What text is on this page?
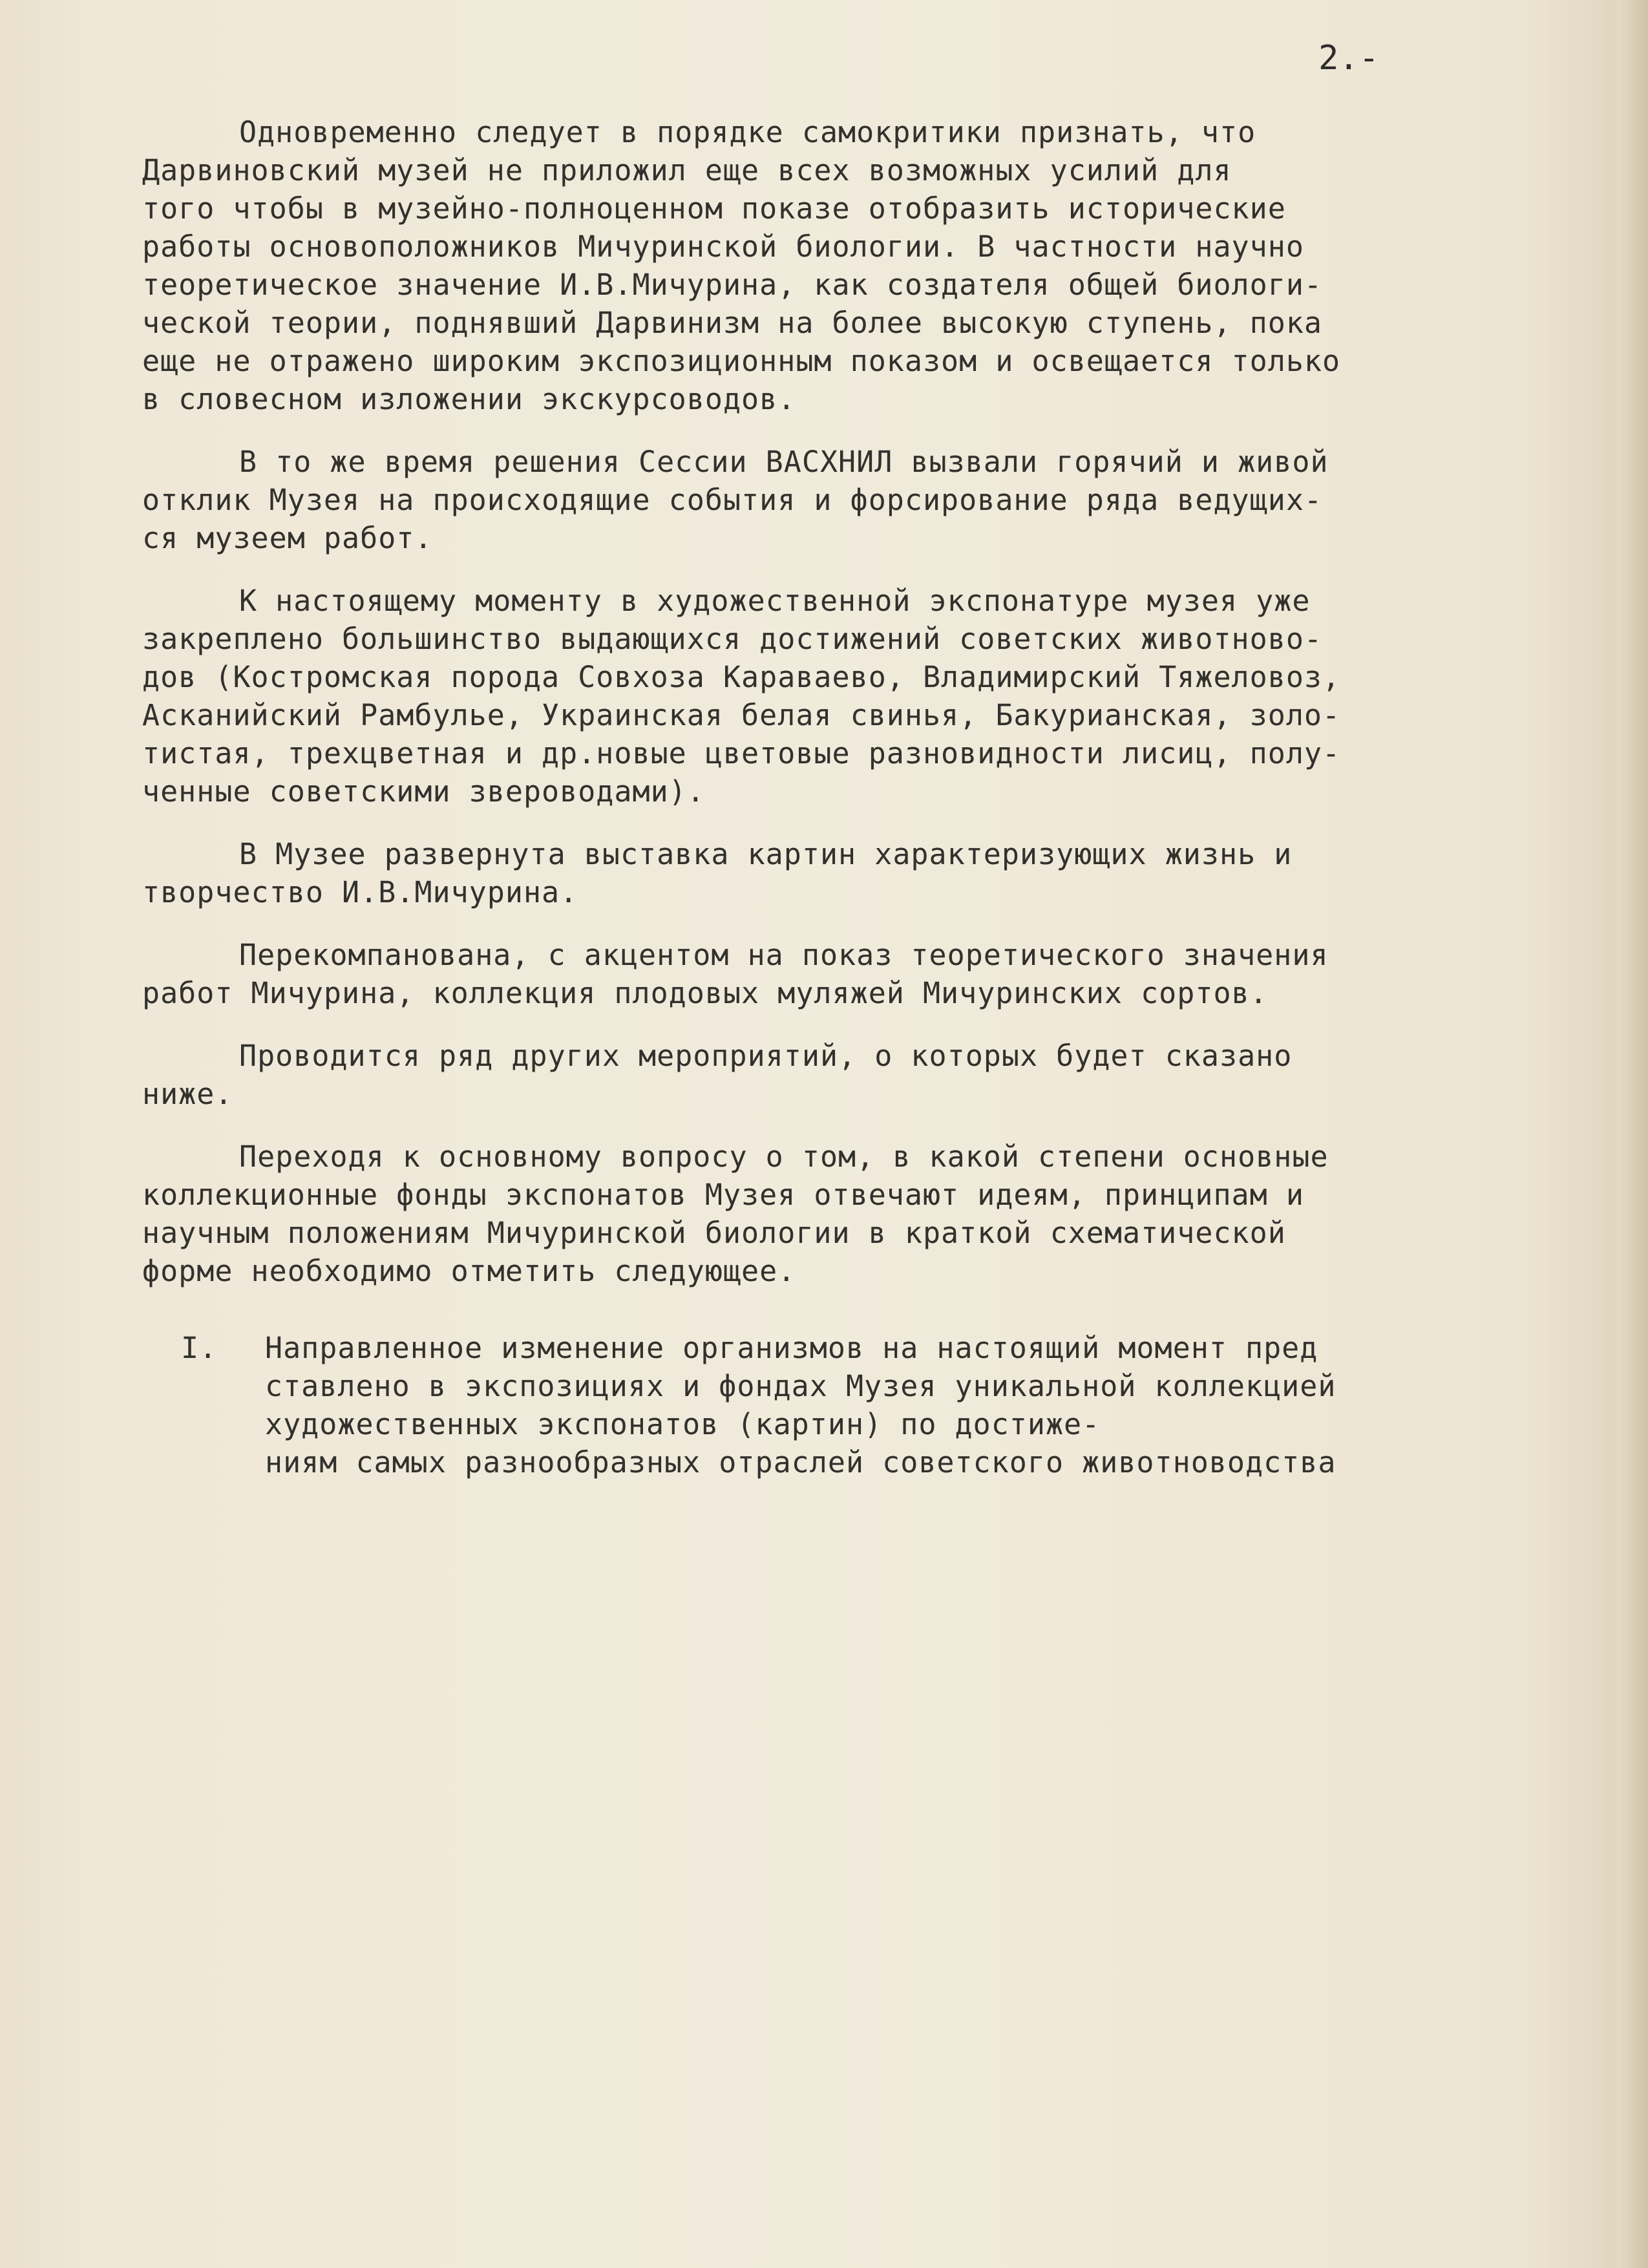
2.-
Одновременно следует в порядке самокритики признать, что
Дарвиновский музей не приложил еще всех возможных усилий для
того чтобы в музейно-полноценном показе отобразить исторические
работы основоположников Мичуринской биологии. В частности научно
теоретическое значение И.В.Мичурина, как создателя общей биологи-
ческой теории, поднявший Дарвинизм на более высокую ступень, пока
еще не отражено широким экспозиционным показом и освещается только
в словесном изложении экскурсоводов.
В то же время решения Сессии ВАСХНИЛ вызвали горячий и живой
отклик Музея на происходящие события и форсирование ряда ведущих-
ся музеем работ.
К настоящему моменту в художественной экспонатуре музея уже
закреплено большинство выдающихся достижений советских животново-
дов (Костромская порода Совхоза Караваево, Владимирский Тяжеловоз,
Асканийский Рамбулье, Украинская белая свинья, Бакурианская, золо-
тистая, трехцветная и др.новые цветовые разновидности лисиц, полу-
ченные советскими звероводами).
В Музее развернута выставка картин характеризующих жизнь и
творчество И.В.Мичурина.
Перекомпанована, с акцентом на показ теоретического значения
работ Мичурина, коллекция плодовых муляжей Мичуринских сортов.
Проводится ряд других мероприятий, о которых будет сказано
ниже.
Переходя к основному вопросу о том, в какой степени основные
коллекционные фонды экспонатов Музея отвечают идеям, принципам и
научным положениям Мичуринской биологии в краткой схематической
форме необходимо отметить следующее.
I. Направленное изменение организмов на настоящий момент пред
ставлено в экспозициях и фондах Музея уникальной коллекцией
художественных экспонатов (картин) по достиже-
ниям самых разнообразных отраслей советского животноводства
